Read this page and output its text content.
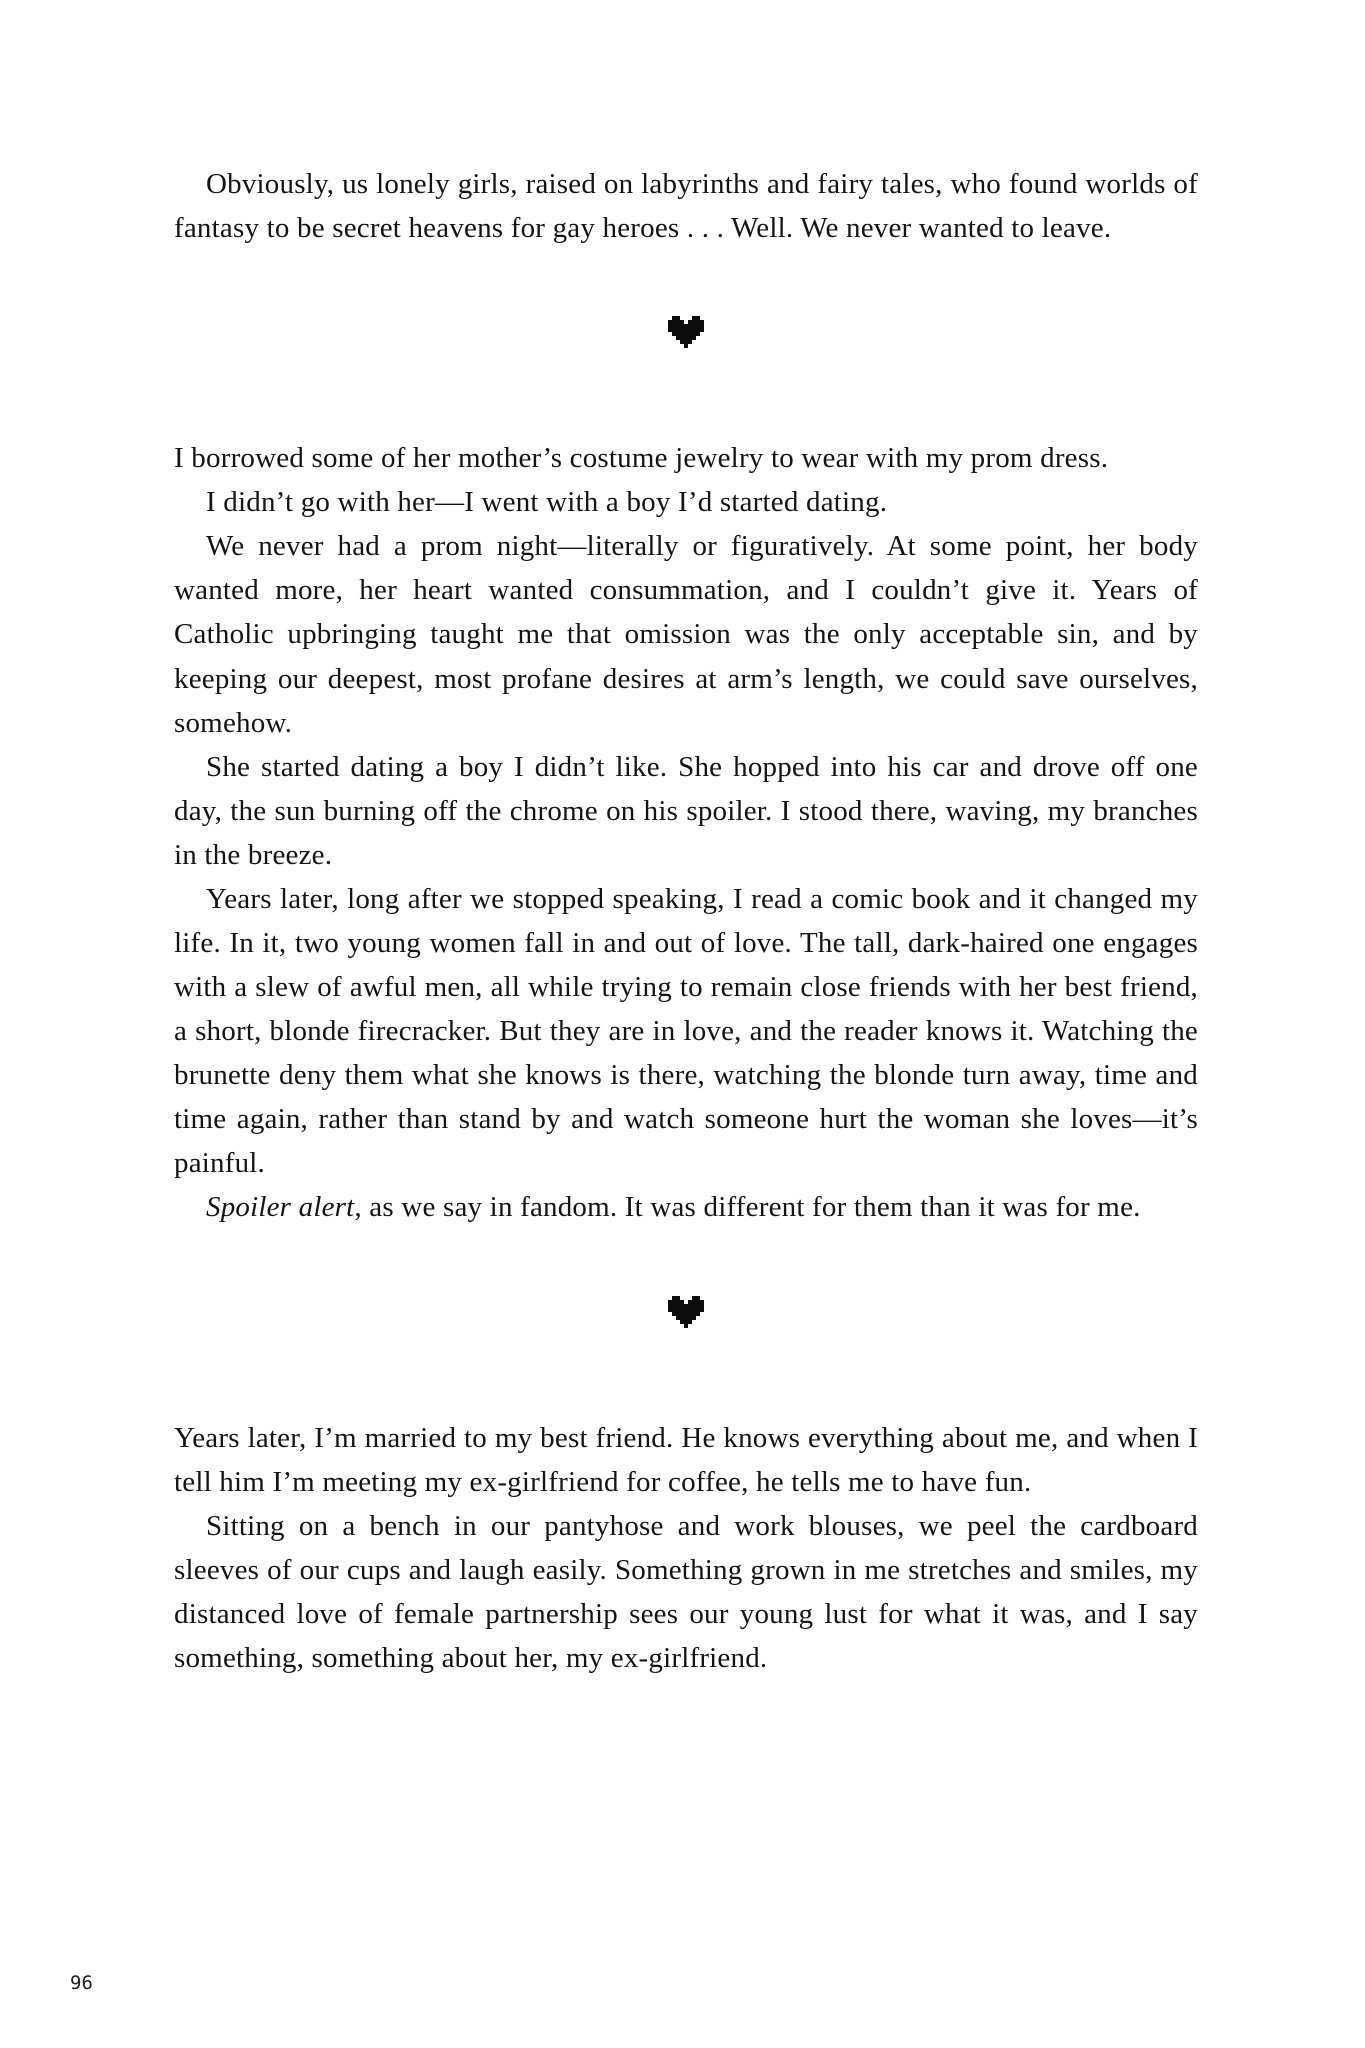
Obviously, us lonely girls, raised on labyrinths and fairy tales, who found worlds of fantasy to be secret heavens for gay heroes . . . Well. We never wanted to leave.

I borrowed some of her mother’s costume jewelry to wear with my prom dress.

I didn’t go with her—I went with a boy I’d started dating.

We never had a prom night—literally or figuratively. At some point, her body wanted more, her heart wanted consummation, and I couldn’t give it. Years of Catholic upbringing taught me that omission was the only acceptable sin, and by keeping our deepest, most profane desires at arm’s length, we could save ourselves, somehow.

She started dating a boy I didn’t like. She hopped into his car and drove off one day, the sun burning off the chrome on his spoiler. I stood there, waving, my branches in the breeze.

Years later, long after we stopped speaking, I read a comic book and it changed my life. In it, two young women fall in and out of love. The tall, dark-haired one engages with a slew of awful men, all while trying to remain close friends with her best friend, a short, blonde firecracker. But they are in love, and the reader knows it. Watching the brunette deny them what she knows is there, watching the blonde turn away, time and time again, rather than stand by and watch someone hurt the woman she loves—it’s painful.

Spoiler alert, as we say in fandom. It was different for them than it was for me.

Years later, I’m married to my best friend. He knows everything about me, and when I tell him I’m meeting my ex-girlfriend for coffee, he tells me to have fun.

Sitting on a bench in our pantyhose and work blouses, we peel the cardboard sleeves of our cups and laugh easily. Something grown in me stretches and smiles, my distanced love of female partnership sees our young lust for what it was, and I say something, something about her, my ex-girlfriend.

96
